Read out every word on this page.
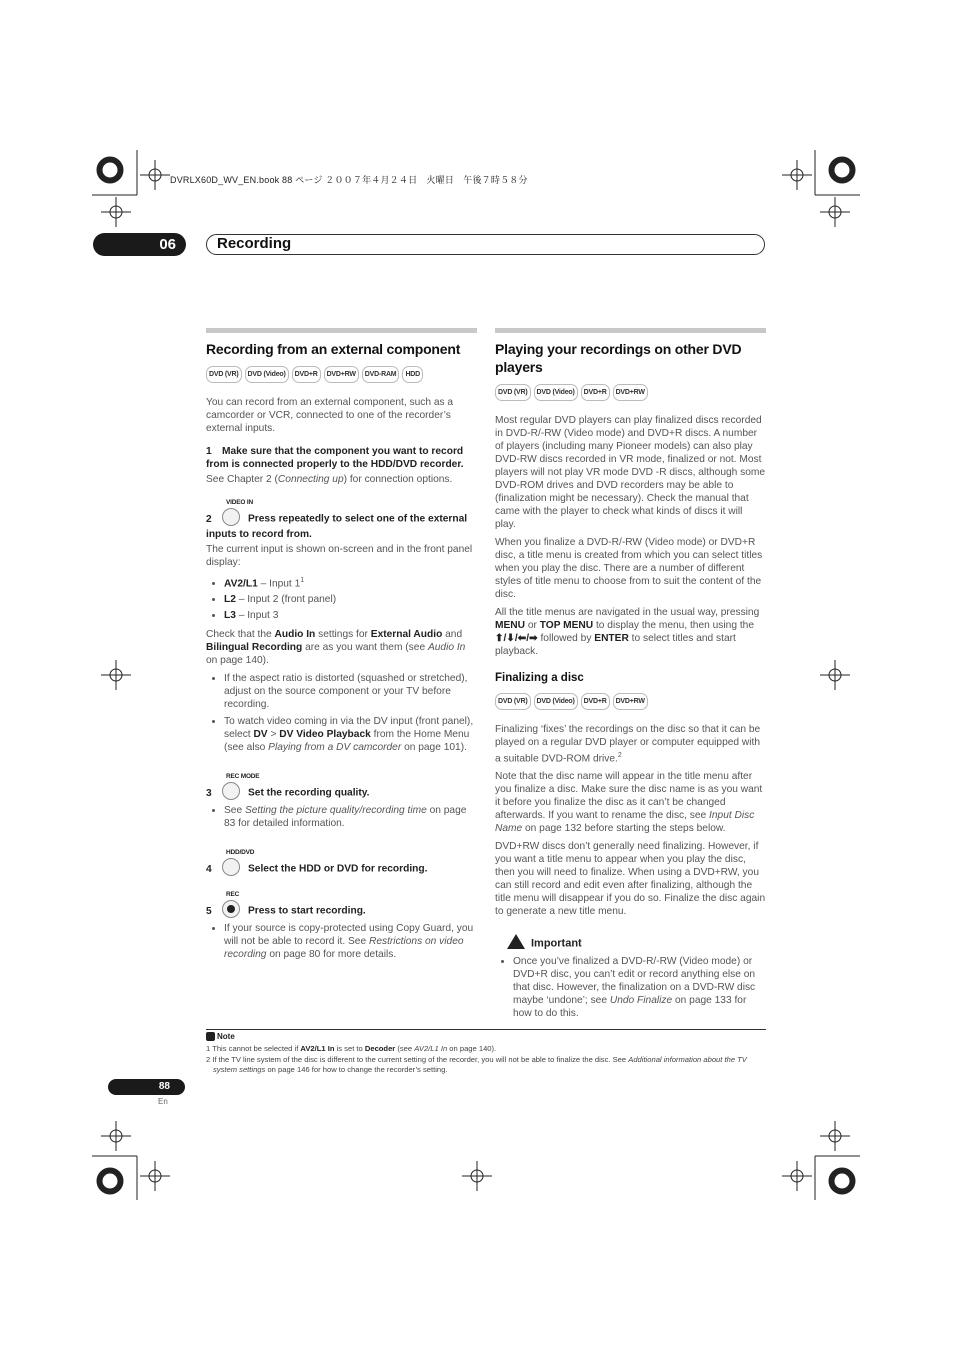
DVRLX60D_WV_EN.book 88 ページ ２００７年４月２４日　火曜日　午後７時５８分
06	Recording
Recording from an external component
DVD (VR) DVD (Video) DVD+R DVD+RW DVD-RAM HDD

You can record from an external component, such as a camcorder or VCR, connected to one of the recorder’s external inputs.

1 Make sure that the component you want to record from is connected properly to the HDD/DVD recorder.

See Chapter 2 (Connecting up) for connection options.

VIDEO IN
2	Press repeatedly to select one of the external inputs to record from.

The current input is shown on-screen and in the front panel display:

• AV2/L1 – Input $1^1$
• L2 – Input 2 (front panel)
• L3 – Input 3

Check that the Audio In settings for External Audio and Bilingual Recording are as you want them (see Audio In on page 140).

• If the aspect ratio is distorted (squashed or stretched), adjust on the source component or your TV before recording.
• To watch video coming in via the DV input (front panel), select DV > DV Video Playback from the Home Menu (see also Playing from a DV camcorder on page 101).
REC MODE
3	Set the recording quality.
• See Setting the picture quality/recording time on page 83 for detailed information.
HDD/DVD
4	Select the HDD or DVD for recording.
REC
5	Press to start recording.
• If your source is copy-protected using Copy Guard, you will not be able to record it. See Restrictions on video recording on page 80 for more details.
Playing your recordings on other DVD players
DVD (VR) DVD (Video) DVD+R DVD+RW

Most regular DVD players can play finalized discs recorded in DVD-R/-RW (Video mode) and DVD+R discs. A number of players (including many Pioneer models) can also play DVD-RW discs recorded in VR mode, finalized or not. Most players will not play VR mode DVD -R discs, although some DVD-ROM drives and DVD recorders may be able to (finalization might be necessary). Check the manual that came with the player to check what kinds of discs it will play.

When you finalize a DVD-R/-RW (Video mode) or DVD+R disc, a title menu is created from which you can select titles when you play the disc. There are a number of different styles of title menu to choose from to suit the content of the disc.

All the title menus are navigated in the usual way, pressing MENU or TOP MENU to display the menu, then using the ⬆/⬇/⬅/➡ followed by ENTER to select titles and start playback.

Finalizing a disc
DVD (VR) DVD (Video) DVD+R DVD+RW

Finalizing ‘fixes’ the recordings on the disc so that it can be played on a regular DVD player or computer equipped with a suitable DVD-ROM drive.$^2$

Note that the disc name will appear in the title menu after you finalize a disc. Make sure the disc name is as you want it before you finalize the disc as it can’t be changed afterwards. If you want to rename the disc, see Input Disc Name on page 132 before starting the steps below.

DVD+RW discs don’t generally need finalizing. However, if you want a title menu to appear when you play the disc, then you will need to finalize. When using a DVD+RW, you can still record and edit even after finalizing, although the title menu will disappear if you do so. Finalize the disc again to generate a new title menu.

Important
• Once you’ve finalized a DVD-R/-RW (Video mode) or DVD+R disc, you can’t edit or record anything else on that disc. However, the finalization on a DVD-RW disc maybe ‘undone’; see Undo Finalize on page 133 for how to do this.
Note
1 This cannot be selected if AV2/L1 In is set to Decoder (see AV2/L1 In on page 140).
2 If the TV line system of the disc is different to the current setting of the recorder, you will not be able to finalize the disc. See Additional information about the TV system settings on page 146 for how to change the recorder’s setting.
88
En
